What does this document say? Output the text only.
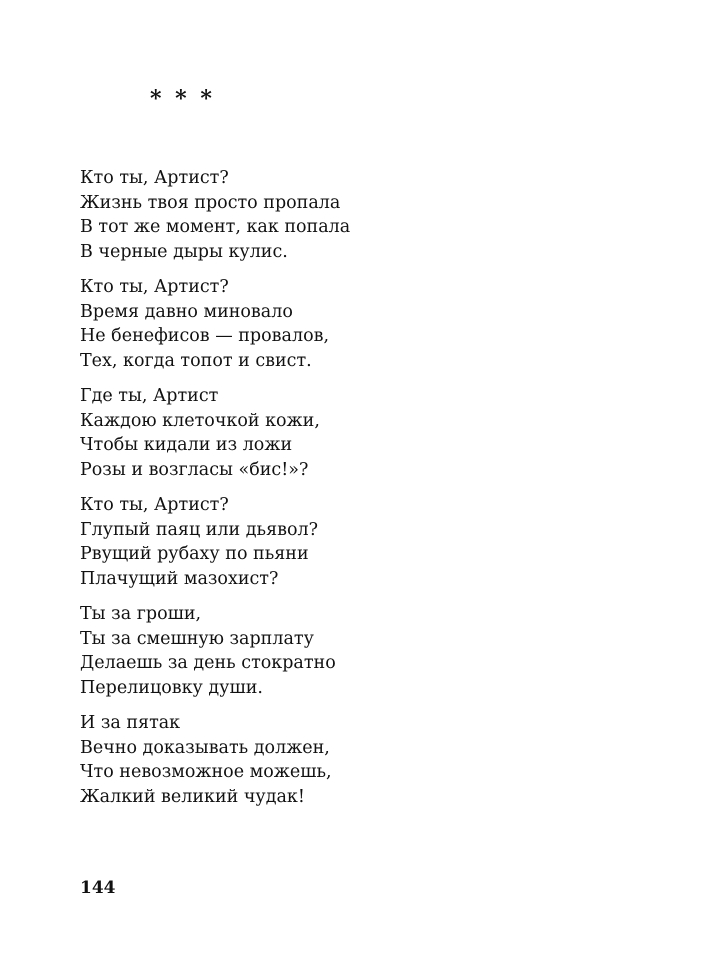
* * *
Кто ты, Артист?
Жизнь твоя просто пропала
В тот же момент, как попала
В черные дыры кулис.
Кто ты, Артист?
Время давно миновало
Не бенефисов — провалов,
Тех, когда топот и свист.
Где ты, Артист
Каждою клеточкой кожи,
Чтобы кидали из ложи
Розы и возгласы «бис!»?
Кто ты, Артист?
Глупый паяц или дьявол?
Рвущий рубаху по пьяни
Плачущий мазохист?
Ты за гроши,
Ты за смешную зарплату
Делаешь за день стократно
Перелицовку души.
И за пятак
Вечно доказывать должен,
Что невозможное можешь,
Жалкий великий чудак!
144
